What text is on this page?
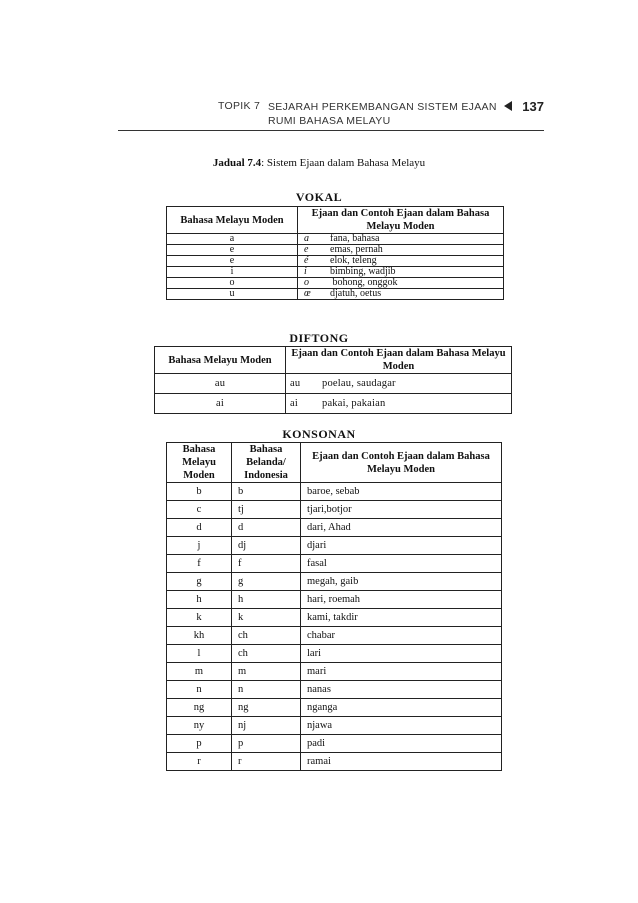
TOPIK 7 SEJARAH PERKEMBANGAN SISTEM EJAAN RUMI BAHASA MELAYU
137
Jadual 7.4: Sistem Ejaan dalam Bahasa Melayu
VOKAL
Bahasa Melayu Moden	Ejaan dan Contoh Ejaan dalam Bahasa Melayu Moden
a	a fana, bahasa
e	e emas, pernah
e	é elok, teleng
i	i bimbing, wadjib
o	o bohong, onggok
u	œ djatuh, oetus
DIFTONG
Bahasa Melayu Moden	Ejaan dan Contoh Ejaan dalam Bahasa Melayu Moden
au	au poelau, saudagar
ai	ai pakai, pakaian
KONSONAN
Bahasa Melayu Moden	Bahasa Belanda/ Indonesia	Ejaan dan Contoh Ejaan dalam Bahasa Melayu Moden
b	b	baroe, sebab
c	tj	tjari,botjor
d	d	dari, Ahad
j	dj	djari
f	f	fasal
g	g	megah, gaib
h	h	hari, roemah
k	k	kami, takdir
kh	ch	chabar
l	ch	lari
m	m	mari
n	n	nanas
ng	ng	nganga
ny	nj	njawa
p	p	padi
r	r	ramai
